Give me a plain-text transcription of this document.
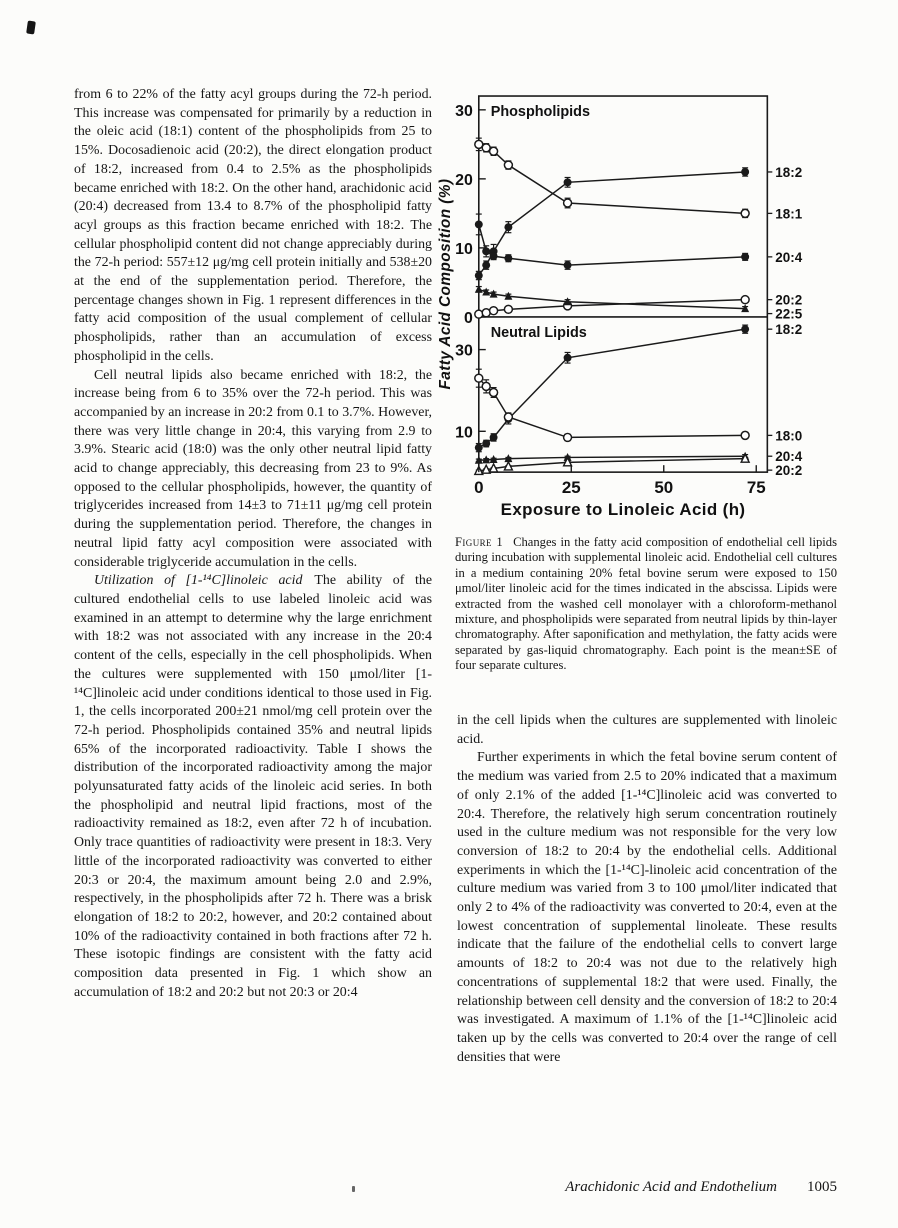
from 6 to 22% of the fatty acyl groups during the 72-h period. This increase was compensated for primarily by a reduction in the oleic acid (18:1) content of the phospholipids from 25 to 15%. Docosadienoic acid (20:2), the direct elongation product of 18:2, increased from 0.4 to 2.5% as the phospholipids became enriched with 18:2. On the other hand, arachidonic acid (20:4) decreased from 13.4 to 8.7% of the phospholipid fatty acyl groups as this fraction became enriched with 18:2. The cellular phospholipid content did not change appreciably during the 72-h period: 557±12 μg/mg cell protein initially and 538±20 at the end of the supplementation period. Therefore, the percentage changes shown in Fig. 1 represent differences in the fatty acid composition of the usual complement of cellular phospholipids, rather than an accumulation of excess phospholipid in the cells.

Cell neutral lipids also became enriched with 18:2, the increase being from 6 to 35% over the 72-h period. This was accompanied by an increase in 20:2 from 0.1 to 3.7%. However, there was very little change in 20:4, this varying from 2.9 to 3.9%. Stearic acid (18:0) was the only other neutral lipid fatty acid to change appreciably, this decreasing from 23 to 9%. As opposed to the cellular phospholipids, however, the quantity of triglycerides increased from 14±3 to 71±11 μg/mg cell protein during the supplementation period. Therefore, the changes in neutral lipid fatty acyl composition were associated with considerable triglyceride accumulation in the cells.

Utilization of [1-¹⁴C]linoleic acid The ability of the cultured endothelial cells to use labeled linoleic acid was examined in an attempt to determine why the large enrichment with 18:2 was not associated with any increase in the 20:4 content of the cells, especially in the cell phospholipids. When the cultures were supplemented with 150 μmol/liter [1-¹⁴C]linoleic acid under conditions identical to those used in Fig. 1, the cells incorporated 200±21 nmol/mg cell protein over the 72-h period. Phospholipids contained 35% and neutral lipids 65% of the incorporated radioactivity. Table I shows the distribution of the incorporated radioactivity among the major polyunsaturated fatty acids of the linoleic acid series. In both the phospholipid and neutral lipid fractions, most of the radioactivity remained as 18:2, even after 72 h of incubation. Only trace quantities of radioactivity were present in 18:3. Very little of the incorporated radioactivity was converted to either 20:3 or 20:4, the maximum amount being 2.0 and 2.9%, respectively, in the phospholipids after 72 h. There was a brisk elongation of 18:2 to 20:2, however, and 20:2 contained about 10% of the radioactivity contained in both fractions after 72 h. These isotopic findings are consistent with the fatty acid composition data presented in Fig. 1 which show an accumulation of 18:2 and 20:2 but not 20:3 or 20:4

0
10
20
30 Phospholipids
18:2
18:1
20:4
20:2
22:5
10
30
Neutral Lipids	18:2
18:0
20:4
20:2
0	25	50	75
Exposure to Linoleic Acid (h)
Fatty Acid Composition (%)

Figure 1 Changes in the fatty acid composition of endothelial cell lipids during incubation with supplemental linoleic acid. Endothelial cell cultures in a medium containing 20% fetal bovine serum were exposed to 150 μmol/liter linoleic acid for the times indicated in the abscissa. Lipids were extracted from the washed cell monolayer with a chloroform-methanol mixture, and phospholipids were separated from neutral lipids by thin-layer chromatography. After saponification and methylation, the fatty acids were separated by gas-liquid chromatography. Each point is the mean±SE of four separate cultures.

in the cell lipids when the cultures are supplemented with linoleic acid.

Further experiments in which the fetal bovine serum content of the medium was varied from 2.5 to 20% indicated that a maximum of only 2.1% of the added [1-¹⁴C]linoleic acid was converted to 20:4. Therefore, the relatively high serum concentration routinely used in the culture medium was not responsible for the very low conversion of 18:2 to 20:4 by the endothelial cells. Additional experiments in which the [1-¹⁴C]-linoleic acid concentration of the culture medium was varied from 3 to 100 μmol/liter indicated that only 2 to 4% of the radioactivity was converted to 20:4, even at the lowest concentration of supplemental linoleate. These results indicate that the failure of the endothelial cells to convert large amounts of 18:2 to 20:4 was not due to the relatively high concentrations of supplemental 18:2 that were used. Finally, the relationship between cell density and the conversion of 18:2 to 20:4 was investigated. A maximum of 1.1% of the [1-¹⁴C]linoleic acid taken up by the cells was converted to 20:4 over the range of cell densities that were

Arachidonic Acid and Endothelium 1005
